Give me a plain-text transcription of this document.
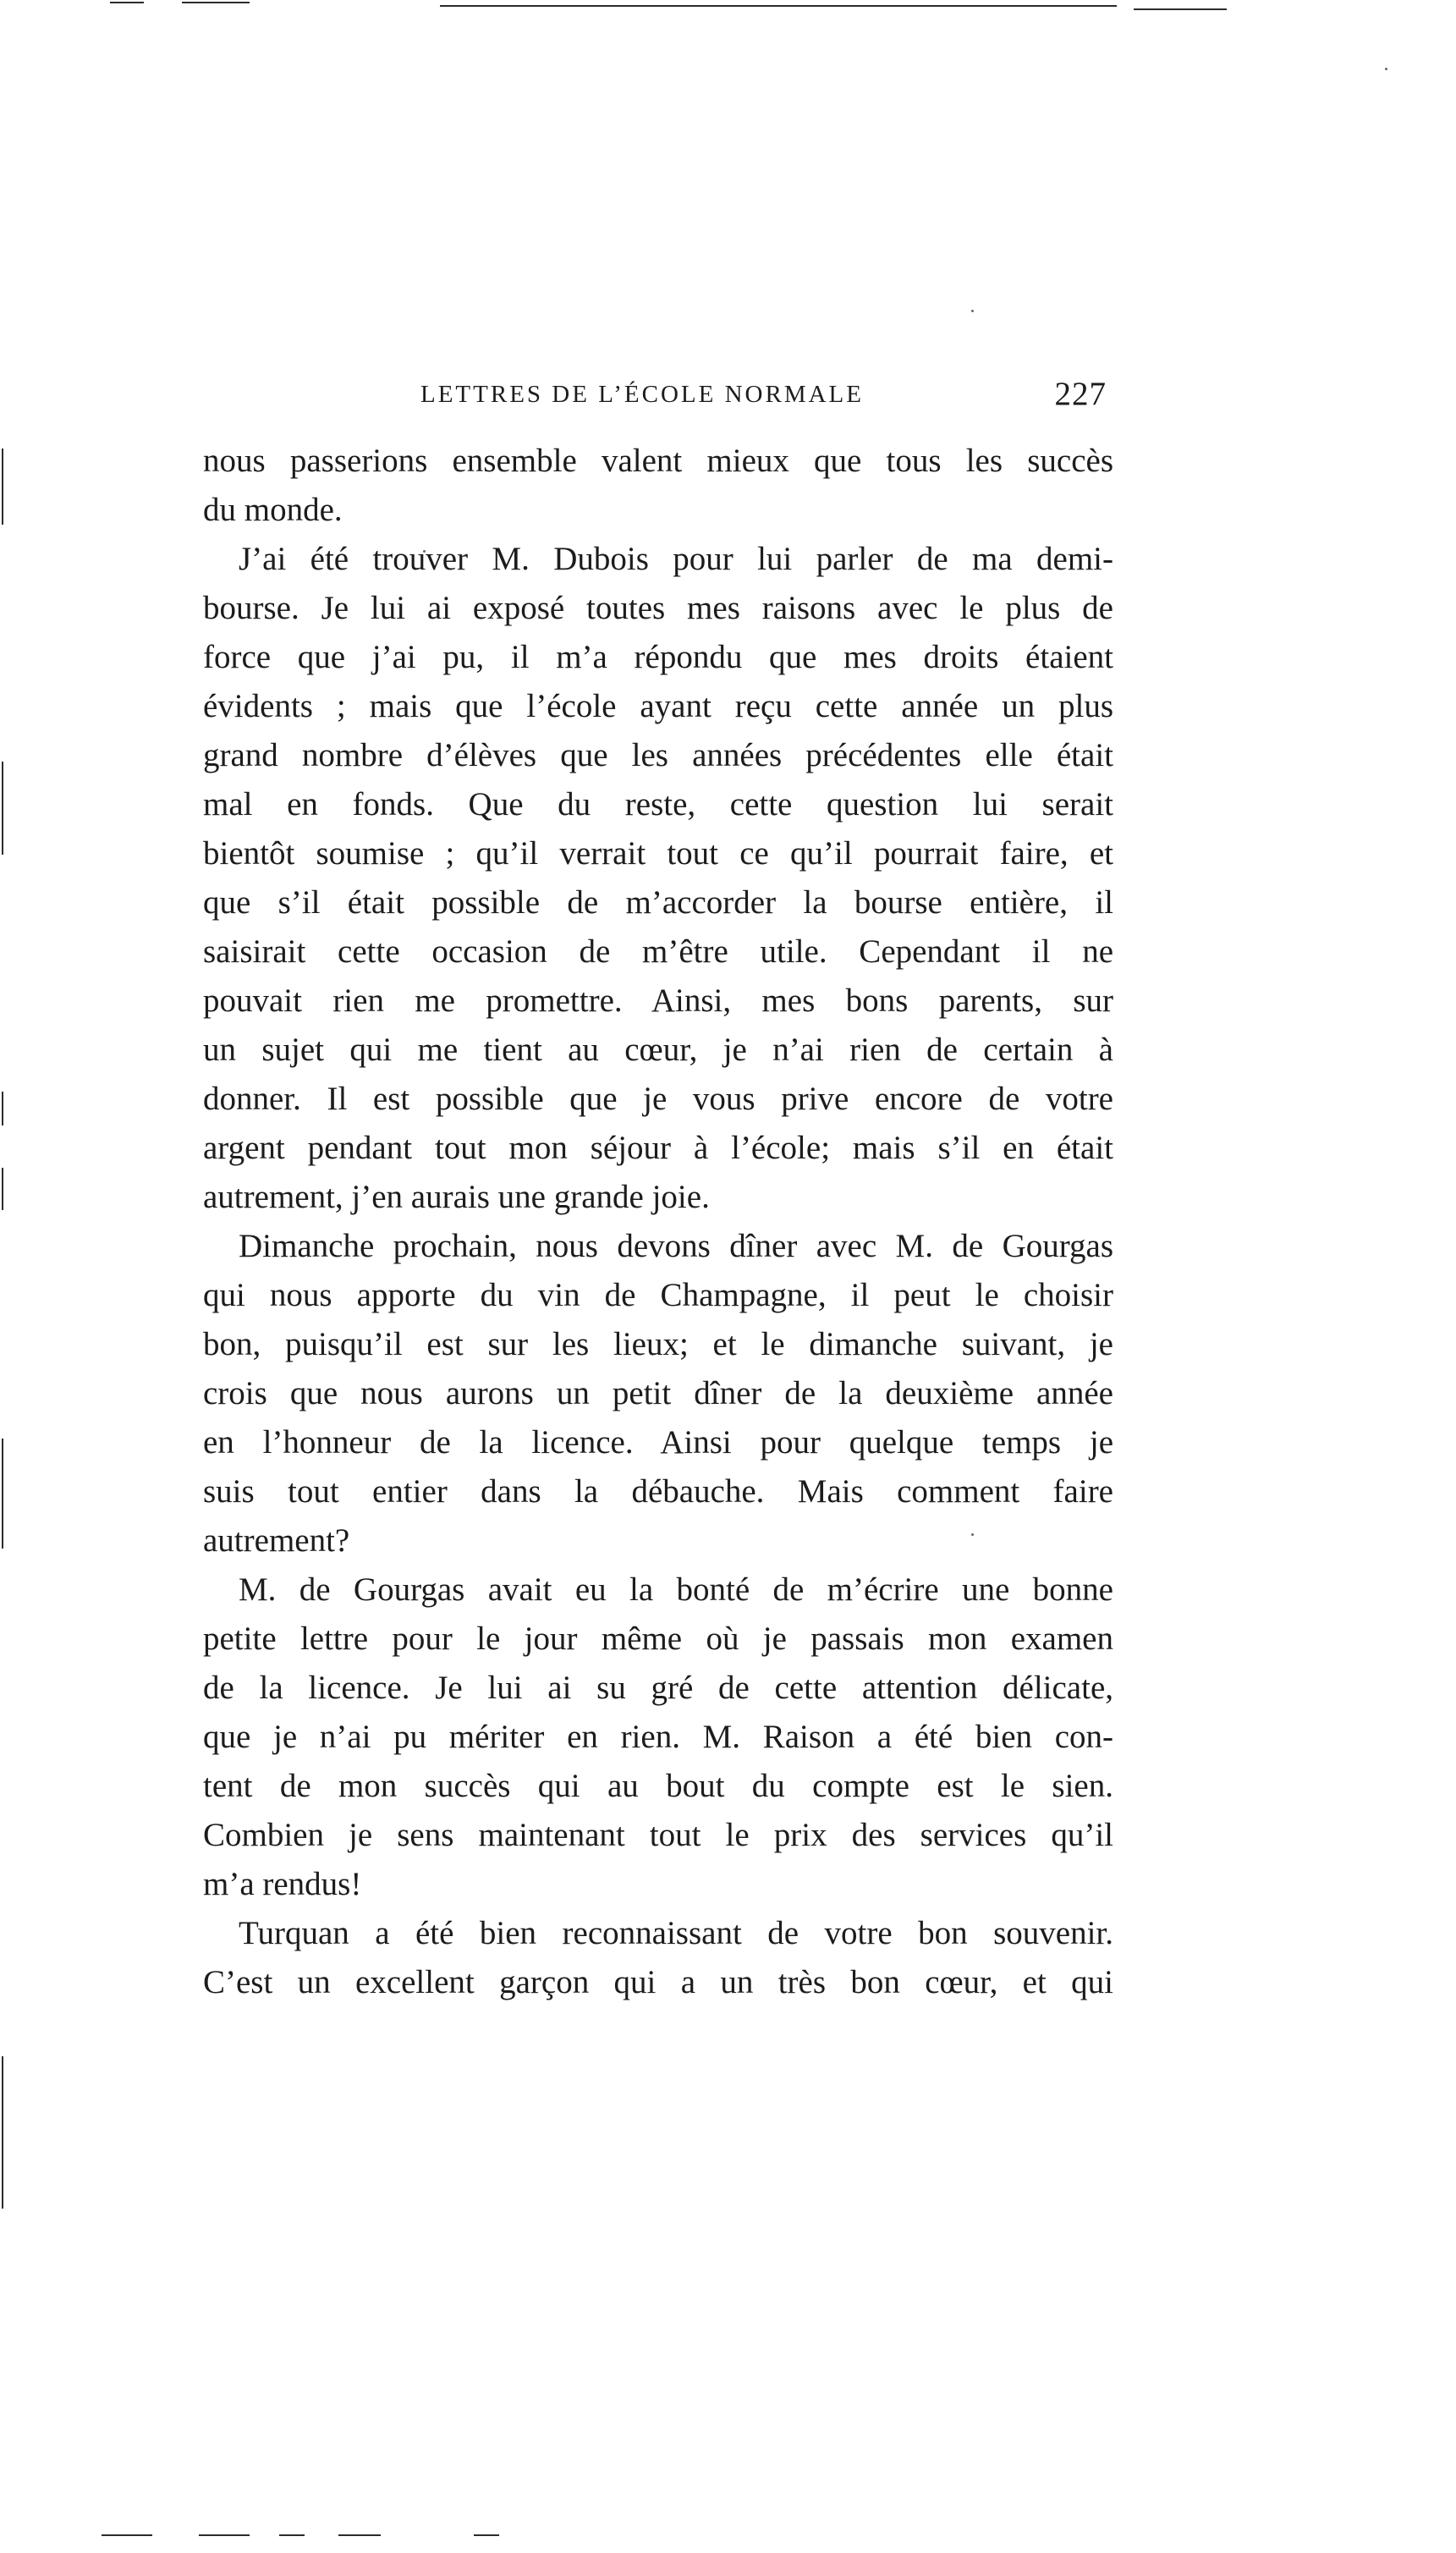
LETTRES DE L’ÉCOLE NORMALE	227
nous passerions ensemble valent mieux que tous les succès
du monde.
J’ai été trouver M. Dubois pour lui parler de ma demi-
bourse. Je lui ai exposé toutes mes raisons avec le plus de
force que j’ai pu, il m’a répondu que mes droits étaient
évidents ; mais que l’école ayant reçu cette année un plus
grand nombre d’élèves que les années précédentes elle était
mal en fonds. Que du reste, cette question lui serait
bientôt soumise ; qu’il verrait tout ce qu’il pourrait faire, et
que s’il était possible de m’accorder la bourse entière, il
saisirait cette occasion de m’être utile. Cependant il ne
pouvait rien me promettre. Ainsi, mes bons parents, sur
un sujet qui me tient au cœur, je n’ai rien de certain à
donner. Il est possible que je vous prive encore de votre
argent pendant tout mon séjour à l’école; mais s’il en était
autrement, j’en aurais une grande joie.
Dimanche prochain, nous devons dîner avec M. de Gourgas
qui nous apporte du vin de Champagne, il peut le choisir
bon, puisqu’il est sur les lieux; et le dimanche suivant, je
crois que nous aurons un petit dîner de la deuxième année
en l’honneur de la licence. Ainsi pour quelque temps je
suis tout entier dans la débauche. Mais comment faire
autrement?
M. de Gourgas avait eu la bonté de m’écrire une bonne
petite lettre pour le jour même où je passais mon examen
de la licence. Je lui ai su gré de cette attention délicate,
que je n’ai pu mériter en rien. M. Raison a été bien con-
tent de mon succès qui au bout du compte est le sien.
Combien je sens maintenant tout le prix des services qu’il
m’a rendus!
Turquan a été bien reconnaissant de votre bon souvenir.
C’est un excellent garçon qui a un très bon cœur, et qui
